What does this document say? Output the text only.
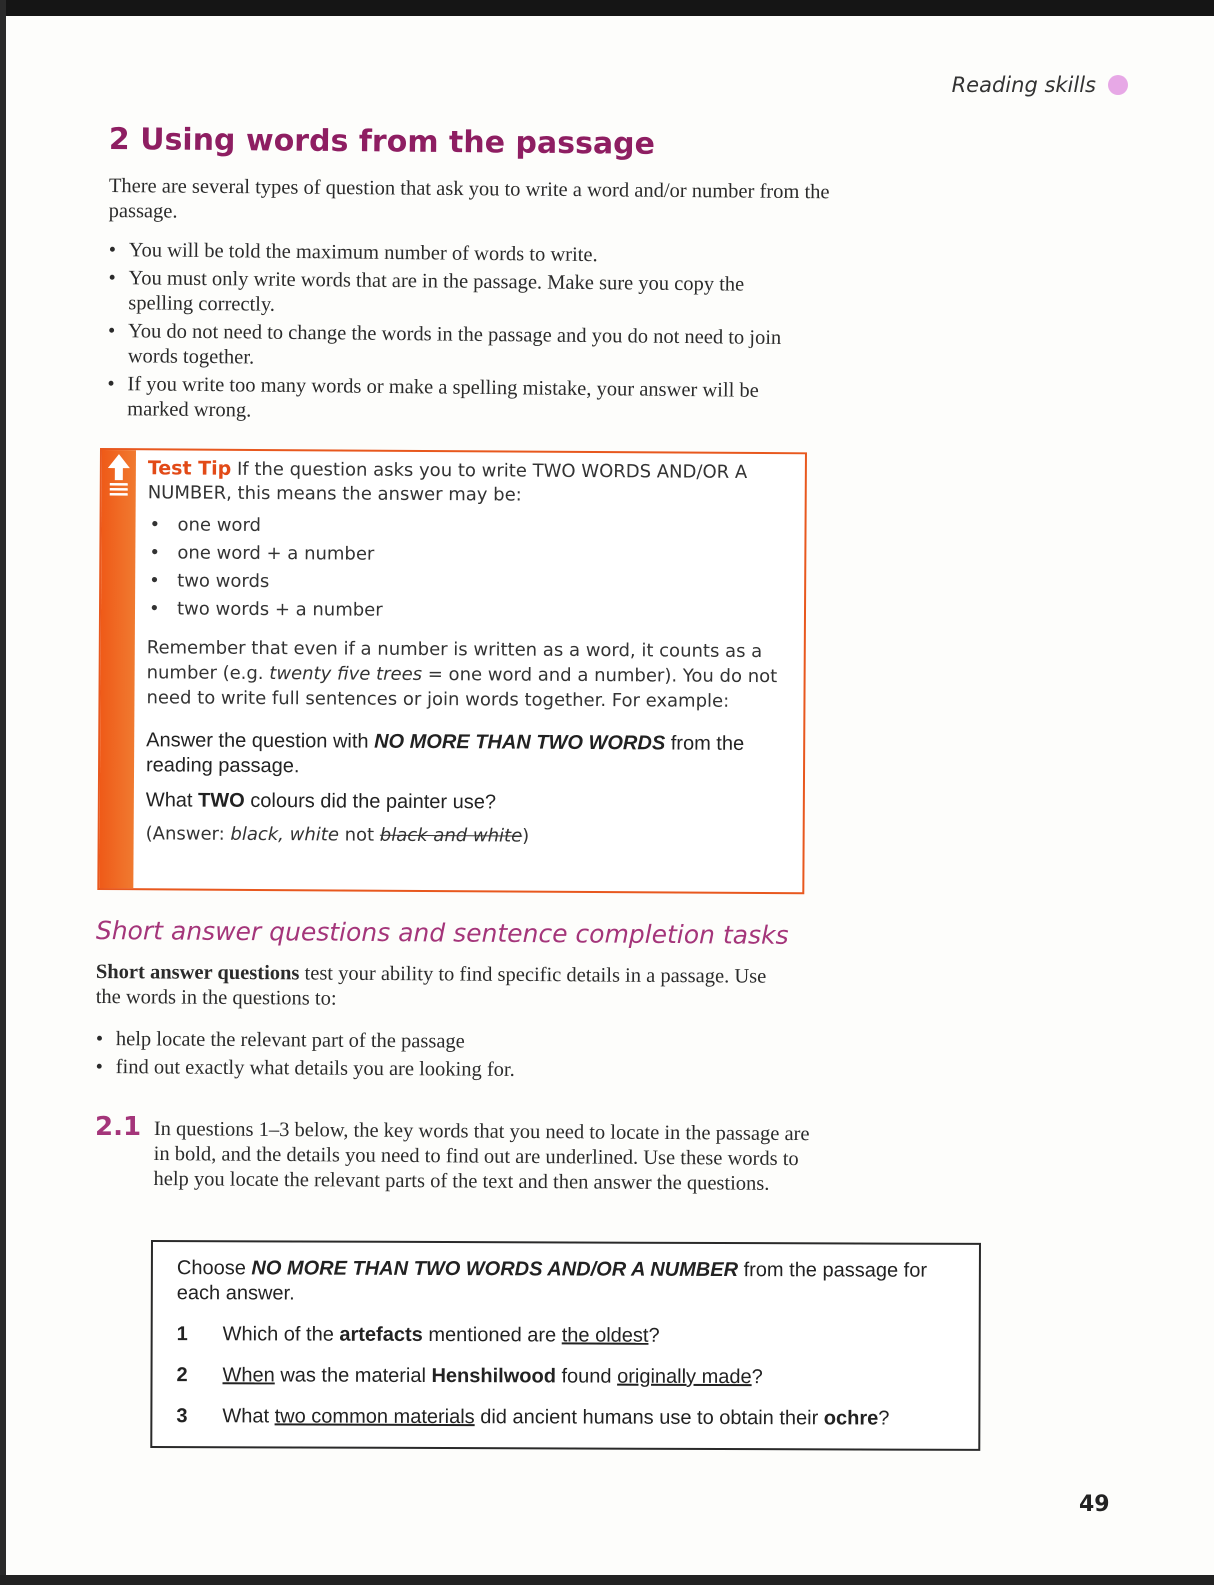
Reading skills
2 Using words from the passage
There are several types of question that ask you to write a word and/or number from the passage.
• You will be told the maximum number of words to write.
• You must only write words that are in the passage. Make sure you copy the spelling correctly.
• You do not need to change the words in the passage and you do not need to join words together.
• If you write too many words or make a spelling mistake, your answer will be marked wrong.
Test Tip If the question asks you to write TWO WORDS AND/OR A NUMBER, this means the answer may be:
• one word
• one word + a number
• two words
• two words + a number
Remember that even if a number is written as a word, it counts as a number (e.g. twenty five trees = one word and a number). You do not need to write full sentences or join words together. For example:
Answer the question with NO MORE THAN TWO WORDS from the reading passage.
What TWO colours did the painter use?
(Answer: black, white not black and white)
Short answer questions and sentence completion tasks
Short answer questions test your ability to find specific details in a passage. Use the words in the questions to:
• help locate the relevant part of the passage
• find out exactly what details you are looking for.
2.1 In questions 1–3 below, the key words that you need to locate in the passage are in bold, and the details you need to find out are underlined. Use these words to help you locate the relevant parts of the text and then answer the questions.
Choose NO MORE THAN TWO WORDS AND/OR A NUMBER from the passage for each answer.
1	Which of the artefacts mentioned are the oldest?
2	When was the material Henshilwood found originally made?
3	What two common materials did ancient humans use to obtain their ochre?
49
